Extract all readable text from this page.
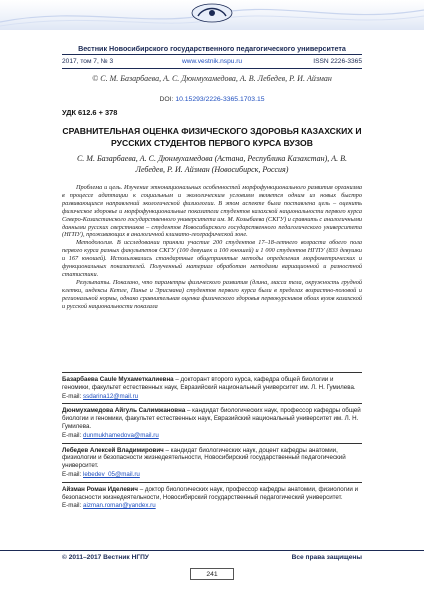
Вестник Новосибирского государственного педагогического университета
2017, том 7, № 3	www.vestnik.nspu.ru	ISSN 2226-3365
© С. М. Базарбаева, А. С. Дюнмухамедова, А. В. Лебедев, Р. И. Айзман
DOI: 10.15293/2226-3365.1703.15
УДК 612.6 + 378
СРАВНИТЕЛЬНАЯ ОЦЕНКА ФИЗИЧЕСКОГО ЗДОРОВЬЯ КАЗАХСКИХ И РУССКИХ СТУДЕНТОВ ПЕРВОГО КУРСА ВУЗОВ
С. М. Базарбаева, А. С. Дюнмухамедова (Астана, Республика Казахстан), А. В. Лебедев, Р. И. Айзман (Новосибирск, Россия)

Проблема и цель. Изучение этнонациональных особенностей морфофункционального развития организма в процессе адаптации к социальным и экологическим условиям является одним из новых быстро развивающихся направлений экологической физиологии. В этом аспекте была поставлена цель – оценить физическое здоровье и морфофункциональные показатели студентов казахской национальности первого курса Северо-Казахстанского государственного университета им. М. Козыбаева (СКГУ) и сравнить с аналогичными данными русских сверстников – студентов Новосибирского государственного педагогического университета (НГПУ), проживающих в аналогичной климато-географической зоне.

Методология. В исследовании приняли участие 200 студентов 17–18-летнего возраста обоего пола первого курса разных факультетов СКГУ (100 девушек и 100 юношей) и 1 000 студентов НГПУ (833 девушки и 167 юношей). Использовались стандартные общепринятые методы определения морфометрических и функциональных показателей. Полученный материал обработан методами вариационной и разностной статистики.

Результаты. Показано, что параметры физического развития (длина, масса тела, окружность грудной клетки, индексы Кетле, Пинье и Эрисмана) студентов первого курса были в пределах возрастно-половой и региональной нормы, однако сравнительная оценка физического здоровья первокурсников обоих вузов казахской и русской национальности показала

Базарбаева Саule Мухаметкалиевна – докторант второго курса, кафедра общей биологии и геномики, факультет естественных наук, Евразийский национальный университет им. Л. Н. Гумилева.
E-mail: ssdarina12@mail.ru
Дюнмухамедова Айгуль Салимжановна – кандидат биологических наук, профессор кафедры общей биологии и геномики, факультет естественных наук, Евразийский национальный университет им. Л. Н. Гумилева.
E-mail: dunmukhamedova@mail.ru
Лебедев Алексей Владимирович – кандидат биологических наук, доцент кафедры анатомии, физиологии и безопасности жизнедеятельности, Новосибирский государственный педагогический университет.
E-mail: lebedev_05@mail.ru
Айзман Роман Иделевич – доктор биологических наук, профессор кафедры анатомии, физиологии и безопасности жизнедеятельности, Новосибирский государственный педагогический университет.
E-mail: aizman.roman@yandex.ru
© 2011–2017 Вестник НГПУ	Все права защищены
241
